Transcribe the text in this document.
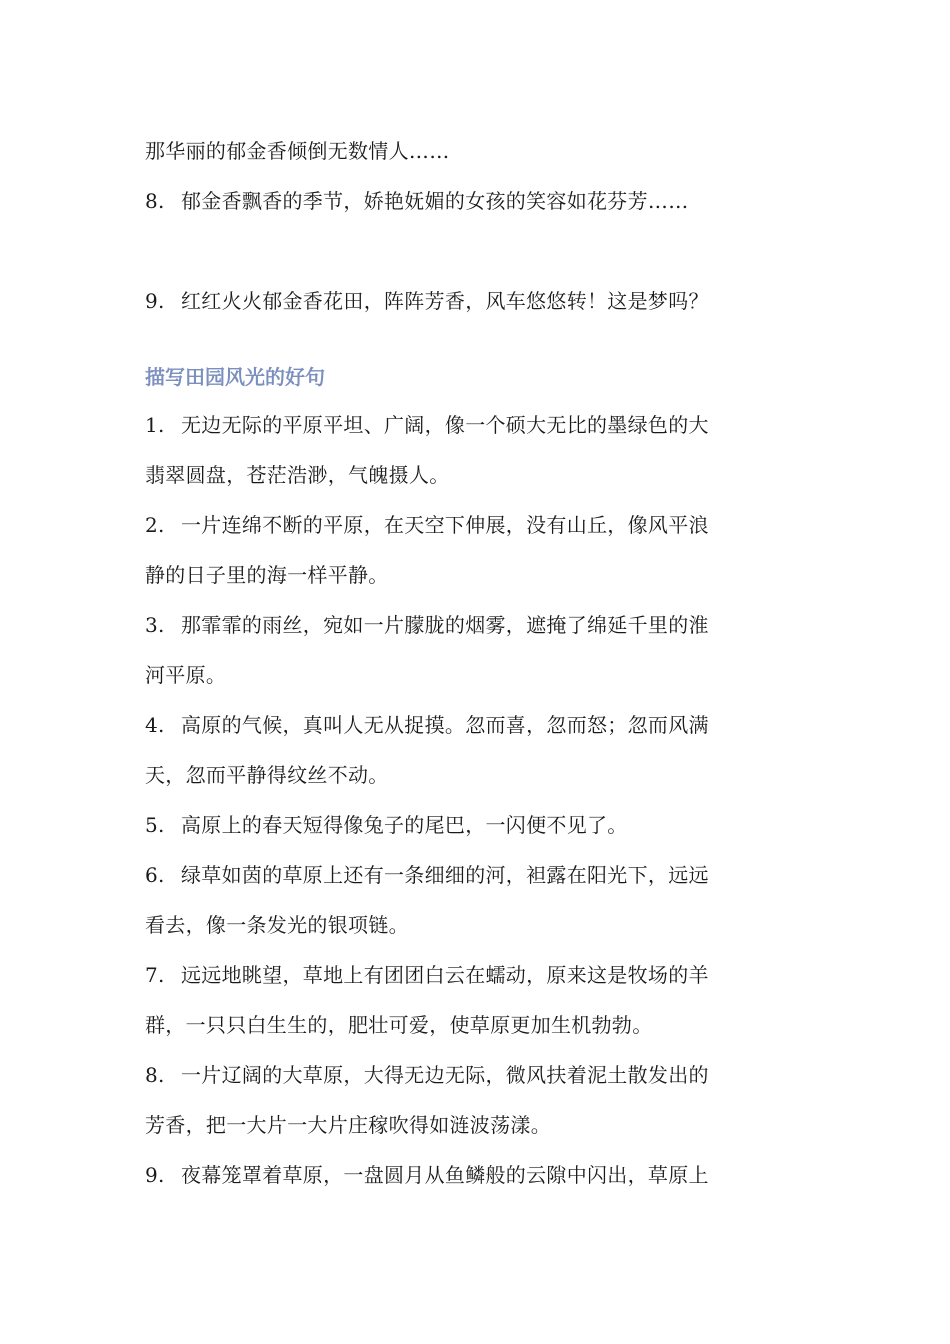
那华丽的郁金香倾倒无数情人……
8. 郁金香飘香的季节，娇艳妩媚的女孩的笑容如花芬芳……
9. 红红火火郁金香花田，阵阵芳香，风车悠悠转！这是梦吗？
描写田园风光的好句
1. 无边无际的平原平坦、广阔，像一个硕大无比的墨绿色的大
翡翠圆盘，苍茫浩渺，气魄摄人。
2. 一片连绵不断的平原，在天空下伸展，没有山丘，像风平浪
静的日子里的海一样平静。
3. 那霏霏的雨丝，宛如一片朦胧的烟雾，遮掩了绵延千里的淮
河平原。
4. 高原的气候，真叫人无从捉摸。忽而喜，忽而怒；忽而风满
天，忽而平静得纹丝不动。
5. 高原上的春天短得像兔子的尾巴，一闪便不见了。
6. 绿草如茵的草原上还有一条细细的河，袒露在阳光下，远远
看去，像一条发光的银项链。
7. 远远地眺望，草地上有团团白云在蠕动，原来这是牧场的羊
群，一只只白生生的，肥壮可爱，使草原更加生机勃勃。
8. 一片辽阔的大草原，大得无边无际，微风扶着泥土散发出的
芳香，把一大片一大片庄稼吹得如涟波荡漾。
9. 夜幕笼罩着草原，一盘圆月从鱼鳞般的云隙中闪出，草原上
